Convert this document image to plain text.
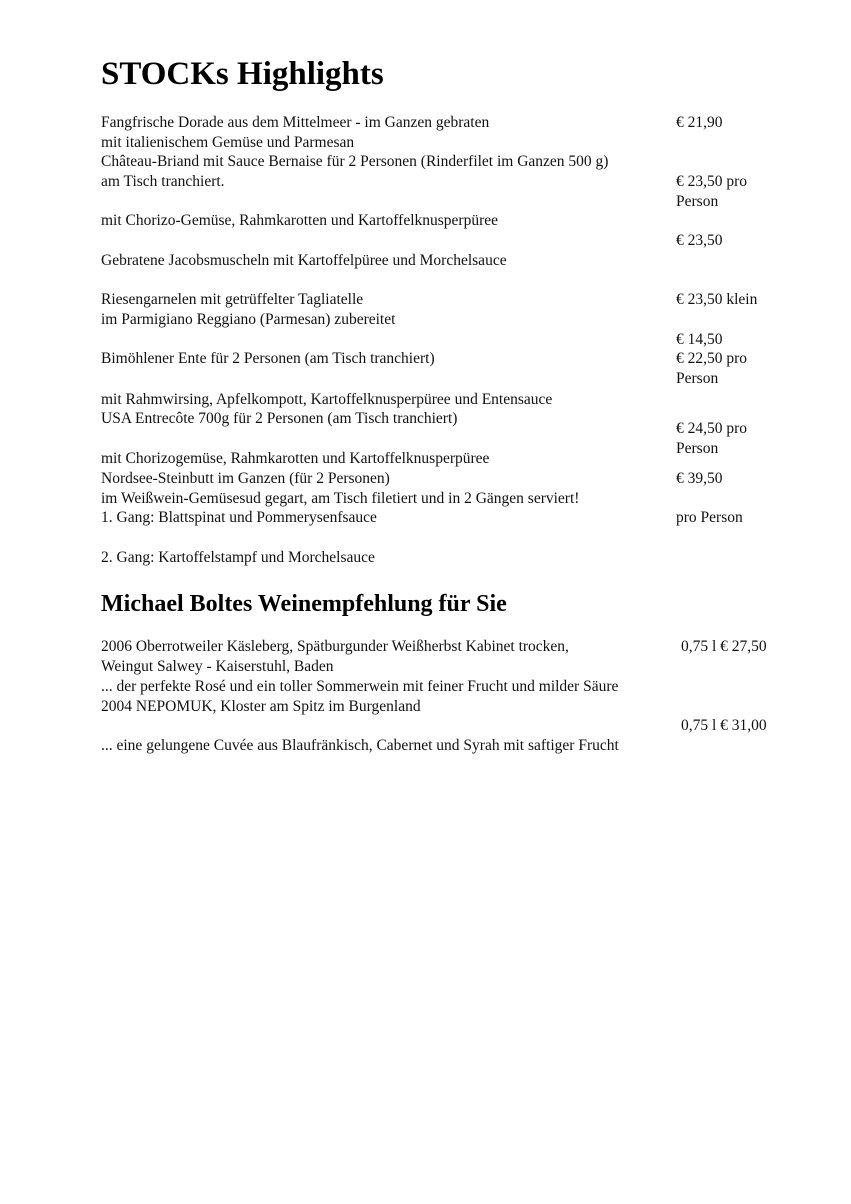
STOCKs Highlights
Fangfrische Dorade aus dem Mittelmeer - im Ganzen gebraten
mit italienischem Gemüse und Parmesan
Château-Briand mit Sauce Bernaise für 2 Personen (Rinderfilet im Ganzen 500 g)
am Tisch tranchiert.
mit Chorizo-Gemüse, Rahmkarotten und Kartoffelknusperpüree
Gebratene Jacobsmuscheln mit Kartoffelpüree und Morchelsauce
Riesengarnelen mit getrüffelter Tagliatelle
im Parmigiano Reggiano (Parmesan) zubereitet
Bimöhlener Ente für 2 Personen (am Tisch tranchiert)
mit Rahmwirsing, Apfelkompott, Kartoffelknusperpüree und Entensauce
USA Entrecôte 700g für 2 Personen (am Tisch tranchiert)
mit Chorizogemüse, Rahmkarotten und Kartoffelknusperpüree
Nordsee-Steinbutt im Ganzen (für 2 Personen)
im Weißwein-Gemüsesud gegart, am Tisch filetiert und in 2 Gängen serviert!
1. Gang: Blattspinat und Pommerysenfsauce
2. Gang: Kartoffelstampf und Morchelsauce
€ 21,90
€ 23,50 pro
Person
€ 23,50
€ 23,50 klein
€ 14,50
€ 22,50 pro
Person
€ 24,50 pro
Person
€ 39,50
pro Person
Michael Boltes Weinempfehlung für Sie
2006 Oberrotweiler Käsleberg, Spätburgunder Weißherbst Kabinet trocken,
Weingut Salwey - Kaiserstuhl, Baden
... der perfekte Rosé und ein toller Sommerwein mit feiner Frucht und milder Säure
2004 NEPOMUK, Kloster am Spitz im Burgenland
... eine gelungene Cuvée aus Blaufränkisch, Cabernet und Syrah mit saftiger Frucht
0,75 l € 27,50
0,75 l € 31,00
